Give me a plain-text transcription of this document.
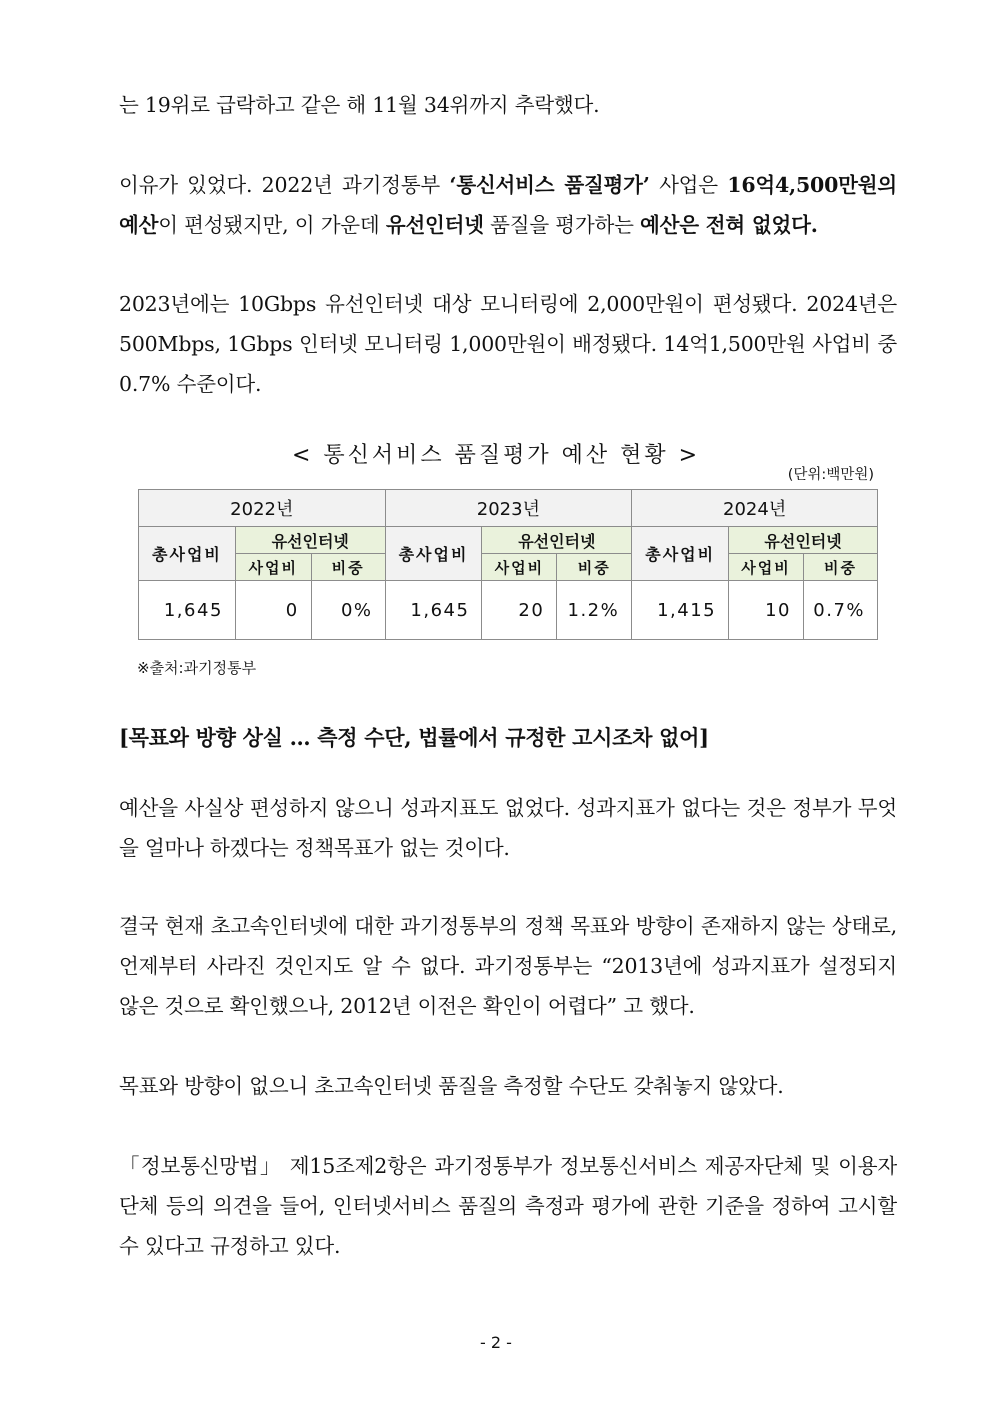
는 19위로 급락하고 같은 해 11월 34위까지 추락했다.

이유가 있었다. 2022년 과기정통부 ‘통신서비스 품질평가’ 사업은 16억4,500만원의 예산이 편성됐지만, 이 가운데 유선인터넷 품질을 평가하는 예산은 전혀 없었다.

2023년에는 10Gbps 유선인터넷 대상 모니터링에 2,000만원이 편성됐다. 2024년은 500Mbps, 1Gbps 인터넷 모니터링 1,000만원이 배정됐다. 14억1,500만원 사업비 중 0.7% 수준이다.

< 통신서비스 품질평가 예산 현황 >
(단위:백만원)
2022년			2023년			2024년		
총사업비	유선인터넷		총사업비	유선인터넷		총사업비	유선인터넷	
	사업비	비중		사업비	비중		사업비	비중
1,645	0	0%	1,645	20	1.2%	1,415	10	0.7%
※출처:과기정통부
[목표와 방향 상실 … 측정 수단, 법률에서 규정한 고시조차 없어]

예산을 사실상 편성하지 않으니 성과지표도 없었다. 성과지표가 없다는 것은 정부가 무엇을 얼마나 하겠다는 정책목표가 없는 것이다.

결국 현재 초고속인터넷에 대한 과기정통부의 정책 목표와 방향이 존재하지 않는 상태로, 언제부터 사라진 것인지도 알 수 없다. 과기정통부는 “2013년에 성과지표가 설정되지 않은 것으로 확인했으나, 2012년 이전은 확인이 어렵다” 고 했다.

목표와 방향이 없으니 초고속인터넷 품질을 측정할 수단도 갖춰놓지 않았다.

「정보통신망법」 제15조제2항은 과기정통부가 정보통신서비스 제공자단체 및 이용자단체 등의 의견을 들어, 인터넷서비스 품질의 측정과 평가에 관한 기준을 정하여 고시할 수 있다고 규정하고 있다.

- 2 -
